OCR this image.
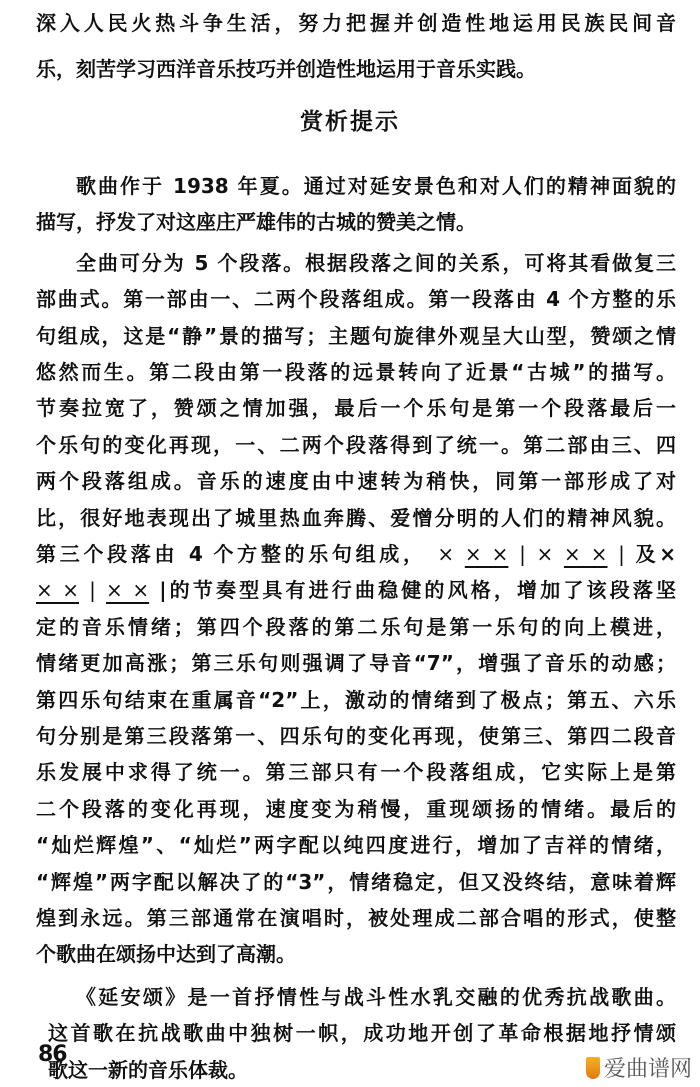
深入人民火热斗争生活，努力把握并创造性地运用民族民间音
乐，刻苦学习西洋音乐技巧并创造性地运用于音乐实践。
赏析提示
歌曲作于 1938 年夏。通过对延安景色和对人们的精神面貌的
描写，抒发了对这座庄严雄伟的古城的赞美之情。
全曲可分为 5 个段落。根据段落之间的关系，可将其看做复三
部曲式。第一部由一、二两个段落组成。第一段落由 4 个方整的乐
句组成，这是“静”景的描写；主题句旋律外观呈大山型，赞颂之情
悠然而生。第二段由第一段落的远景转向了近景“古城”的描写。
节奏拉宽了，赞颂之情加强，最后一个乐句是第一个段落最后一
个乐句的变化再现，一、二两个段落得到了统一。第二部由三、四
两个段落组成。音乐的速度由中速转为稍快，同第一部形成了对
比，很好地表现出了城里热血奔腾、爱憎分明的人们的精神风貌。
第三个段落由 4 个方整的乐句组成， × × × | × × × | 及×
× × | × × |的节奏型具有进行曲稳健的风格，增加了该段落坚
定的音乐情绪；第四个段落的第二乐句是第一乐句的向上模进，
情绪更加高涨；第三乐句则强调了导音“7”，增强了音乐的动感；
第四乐句结束在重属音“2”上，激动的情绪到了极点；第五、六乐
句分别是第三段落第一、四乐句的变化再现，使第三、第四二段音
乐发展中求得了统一。第三部只有一个段落组成，它实际上是第
二个段落的变化再现，速度变为稍慢，重现颂扬的情绪。最后的
“灿烂辉煌”、“灿烂”两字配以纯四度进行，增加了吉祥的情绪，
“辉煌”两字配以解决了的“3”，情绪稳定，但又没终结，意味着辉
煌到永远。第三部通常在演唱时，被处理成二部合唱的形式，使整
个歌曲在颂扬中达到了高潮。
《延安颂》是一首抒情性与战斗性水乳交融的优秀抗战歌曲。
这首歌在抗战歌曲中独树一帜，成功地开创了革命根据地抒情颂
歌这一新的音乐体裁。
86
爱曲谱网
